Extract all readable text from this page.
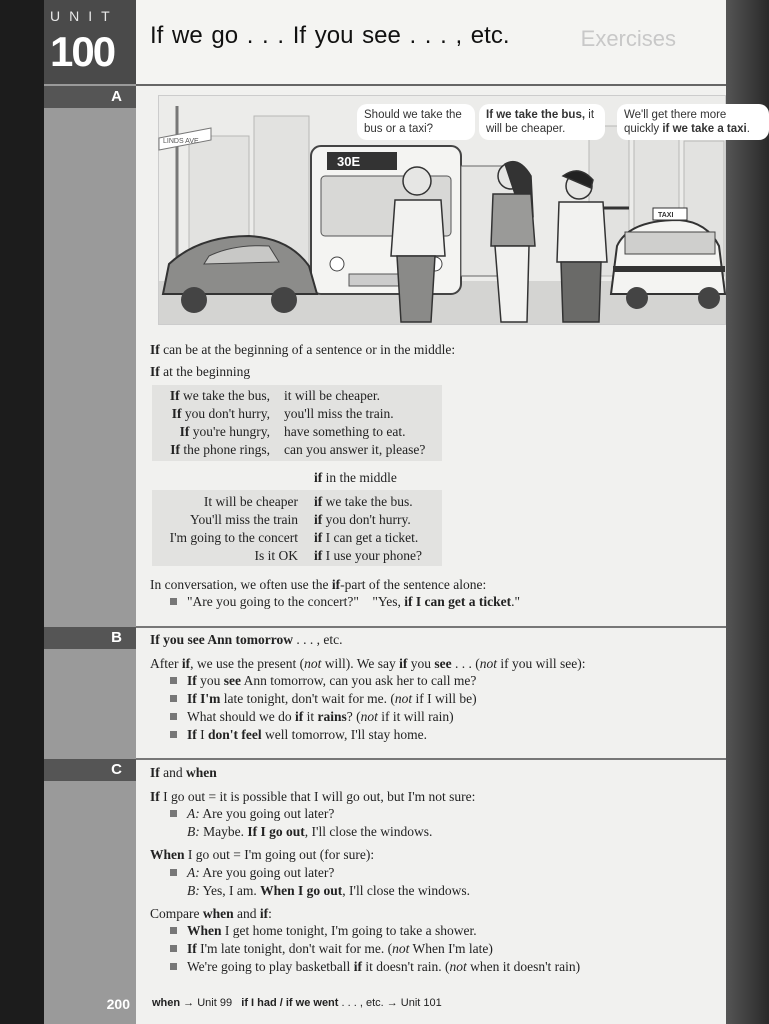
UNIT
100 If we go . . . If you see . . . , etc.	Exercises
A
LINDS AVE
30E
TAXI
Should we take the bus or a taxi?
If we take the bus, it will be cheaper.
We'll get there more quickly if we take a taxi.
If can be at the beginning of a sentence or in the middle:
If at the beginning
If we take the bus, it will be cheaper.
If you don't hurry, you'll miss the train.
If you're hungry, have something to eat.
If the phone rings, can you answer it, please?
if in the middle
It will be cheaper if we take the bus.
You'll miss the train if you don't hurry.
I'm going to the concert if I can get a ticket.
Is it OK if I use your phone?
In conversation, we often use the if-part of the sentence alone:
"Are you going to the concert?" "Yes, if I can get a ticket."
B	If you see Ann tomorrow . . . , etc.
After if, we use the present (not will). We say if you see . . . (not if you will see):
If you see Ann tomorrow, can you ask her to call me?
If I'm late tonight, don't wait for me. (not if I will be)
What should we do if it rains? (not if it will rain)
If I don't feel well tomorrow, I'll stay home.
C	If and when
If I go out = it is possible that I will go out, but I'm not sure:
A: Are you going out later?
B: Maybe. If I go out, I'll close the windows.
When I go out = I'm going out (for sure):
A: Are you going out later?
B: Yes, I am. When I go out, I'll close the windows.
Compare when and if:
When I get home tonight, I'm going to take a shower.
If I'm late tonight, don't wait for me. (not When I'm late)
We're going to play basketball if it doesn't rain. (not when it doesn't rain)
200	when → Unit 99 if I had / if we went . . . , etc. → Unit 101
